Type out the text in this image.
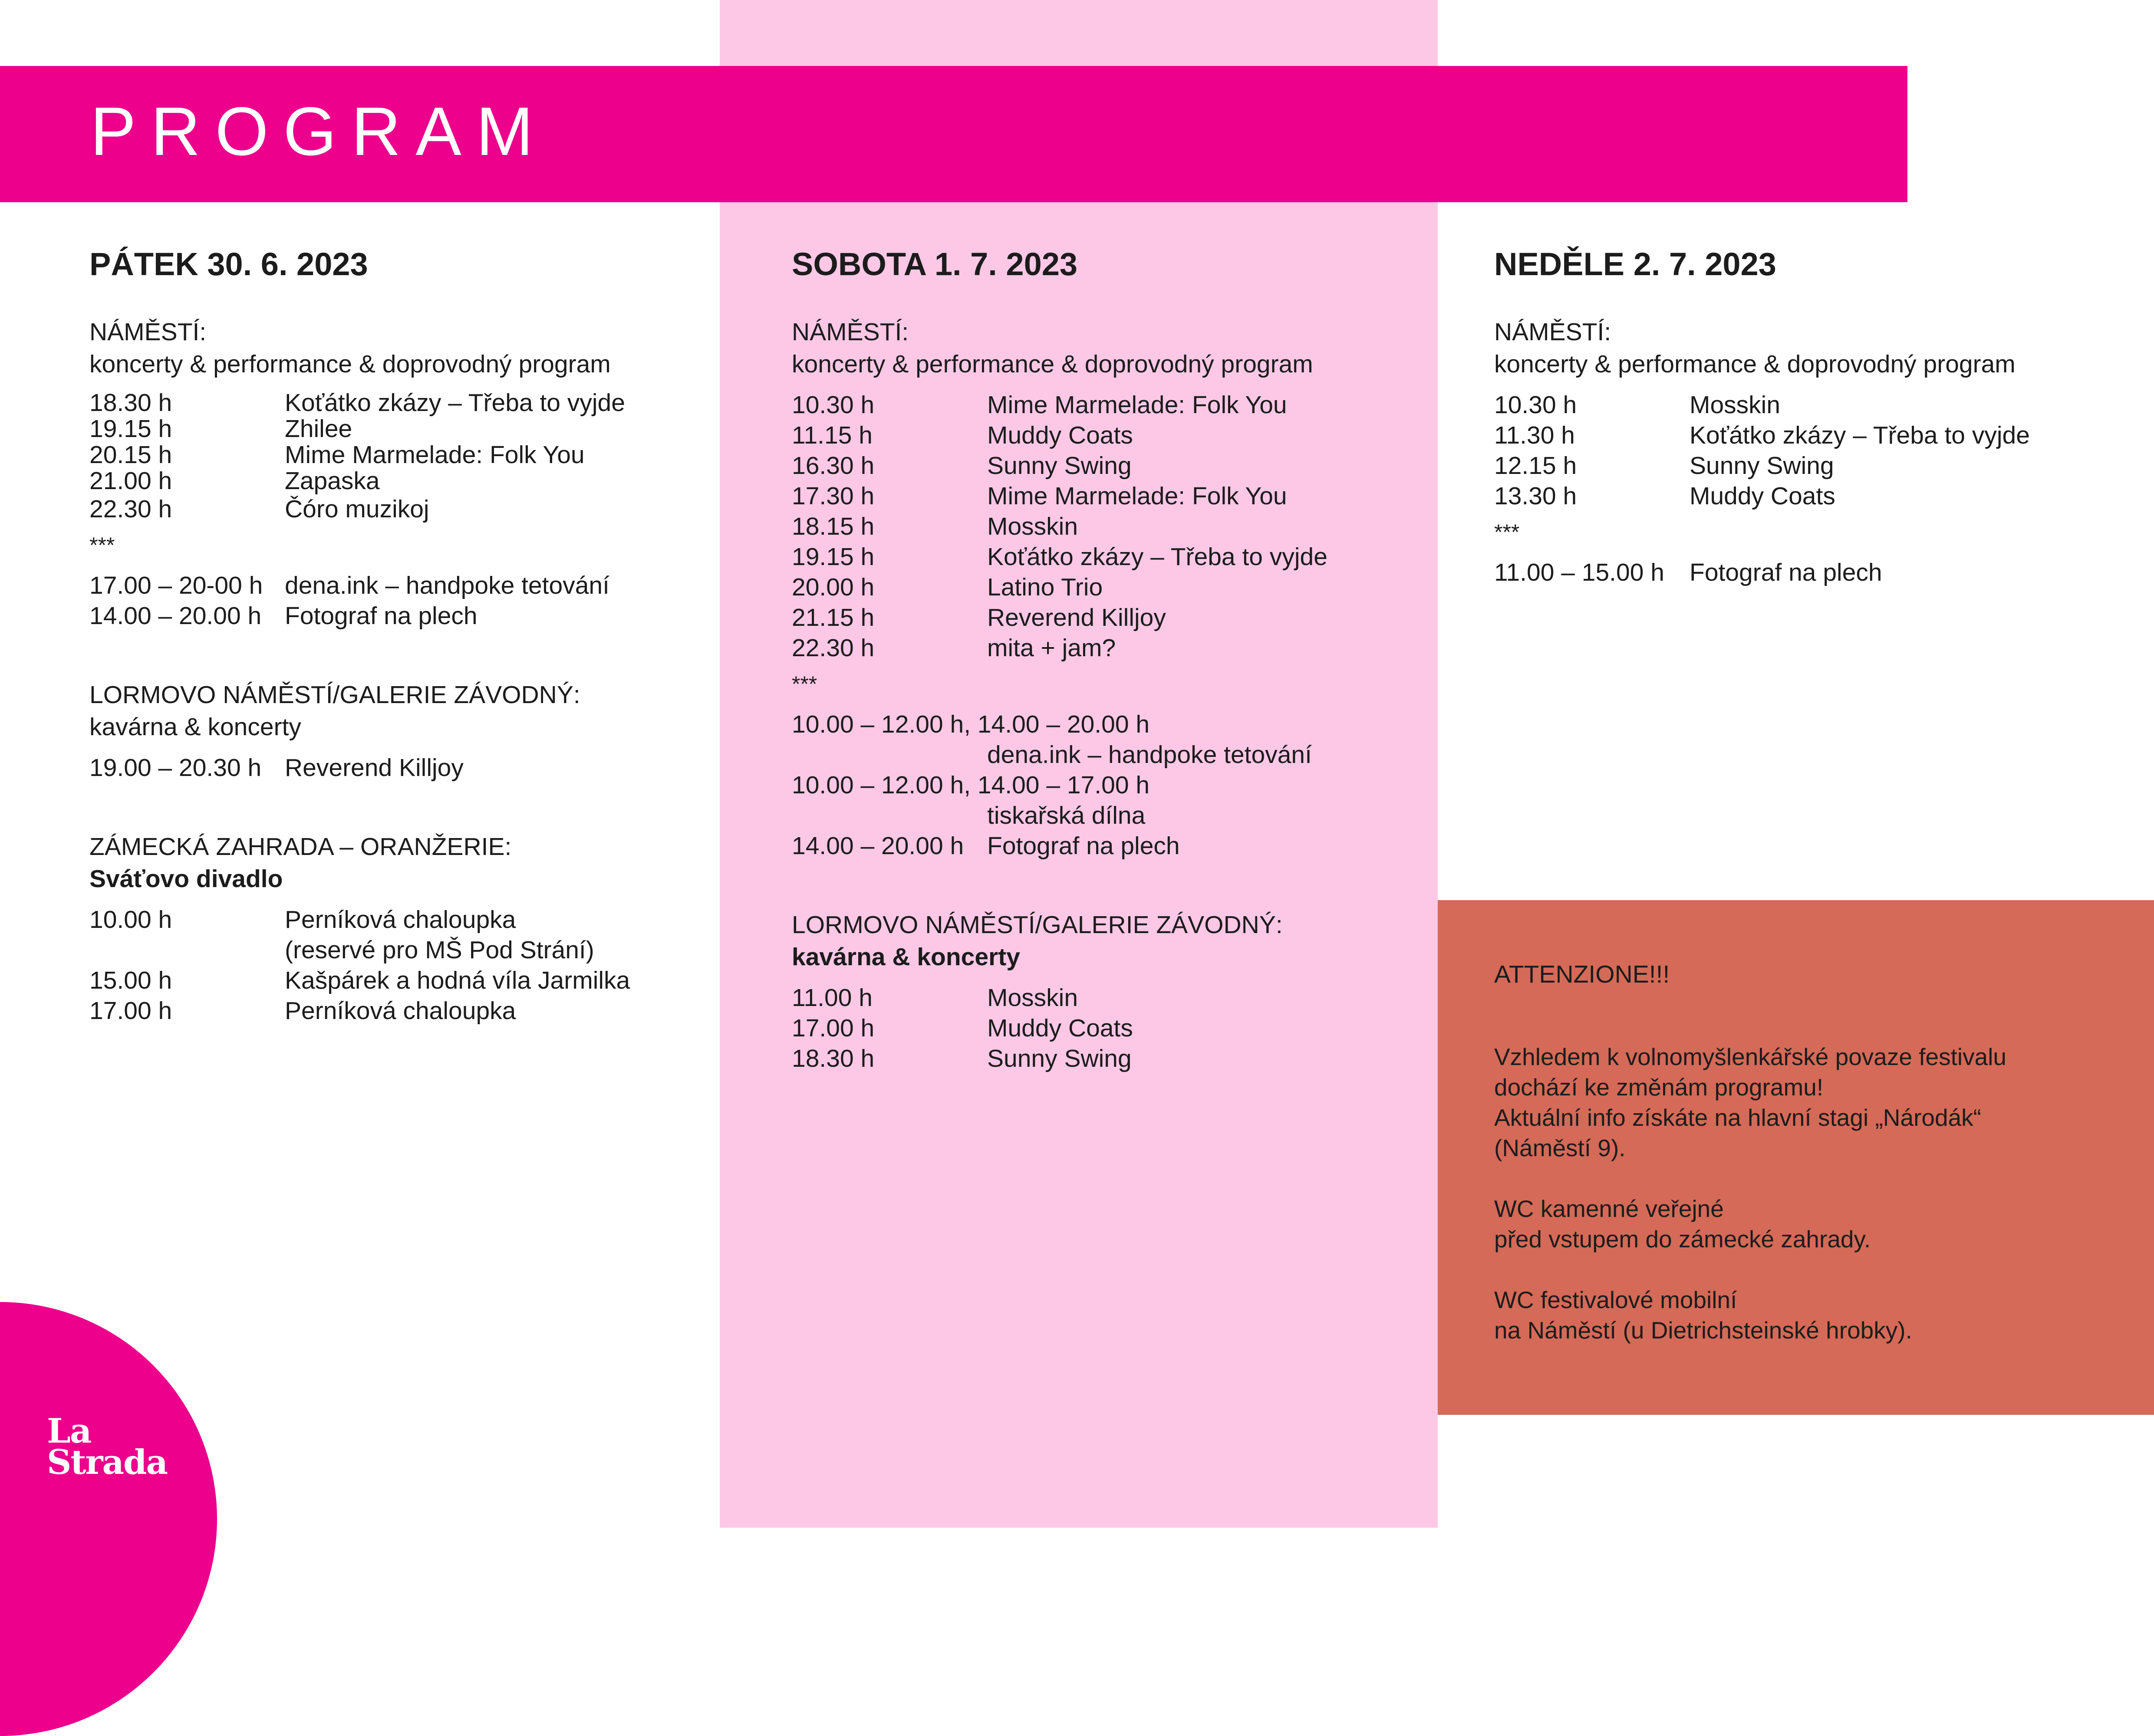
PROGRAM
PÁTEK 30. 6. 2023
NÁMĚSTÍ:
koncerty & performance & doprovodný program
18.30 h	Koťátko zkázy – Třeba to vyjde
19.15 h	Zhilee
20.15 h	Mime Marmelade: Folk You
21.00 h	Zapaska
22.30 h	Čóro muzikoj
***
17.00 – 20-00 h dena.ink – handpoke tetování
14.00 – 20.00 h Fotograf na plech
LORMOVO NÁMĚSTÍ/GALERIE ZÁVODNÝ:
kavárna & koncerty
19.00 – 20.30 h Reverend Killjoy
ZÁMECKÁ ZAHRADA – ORANŽERIE:
Sváťovo divadlo
10.00 h	Perníková chaloupka
(reservé pro MŠ Pod Strání)
15.00 h	Kašpárek a hodná víla Jarmilka
17.00 h	Perníková chaloupka
SOBOTA 1. 7. 2023
NÁMĚSTÍ:
koncerty & performance & doprovodný program
10.30 h	Mime Marmelade: Folk You
11.15 h	Muddy Coats
16.30 h	Sunny Swing
17.30 h	Mime Marmelade: Folk You
18.15 h	Mosskin
19.15 h	Koťátko zkázy – Třeba to vyjde
20.00 h	Latino Trio
21.15 h	Reverend Killjoy
22.30 h	mita + jam?
***
10.00 – 12.00 h, 14.00 – 20.00 h
dena.ink – handpoke tetování
10.00 – 12.00 h, 14.00 – 17.00 h
tiskařská dílna
14.00 – 20.00 h Fotograf na plech
LORMOVO NÁMĚSTÍ/GALERIE ZÁVODNÝ:
kavárna & koncerty
11.00 h	Mosskin
17.00 h	Muddy Coats
18.30 h	Sunny Swing
NEDĚLE 2. 7. 2023
NÁMĚSTÍ:
koncerty & performance & doprovodný program
10.30 h	Mosskin
11.30 h	Koťátko zkázy – Třeba to vyjde
12.15 h	Sunny Swing
13.30 h	Muddy Coats
***
11.00 – 15.00 h	Fotograf na plech
ATTENZIONE!!!
Vzhledem k volnomyšlenkářské povaze festivalu
dochází ke změnám programu!
Aktuální info získáte na hlavní stagi „Národák“
(Náměstí 9).
WC kamenné veřejné
před vstupem do zámecké zahrady.
WC festivalové mobilní
na Náměstí (u Dietrichsteinské hrobky).
La
Strada
